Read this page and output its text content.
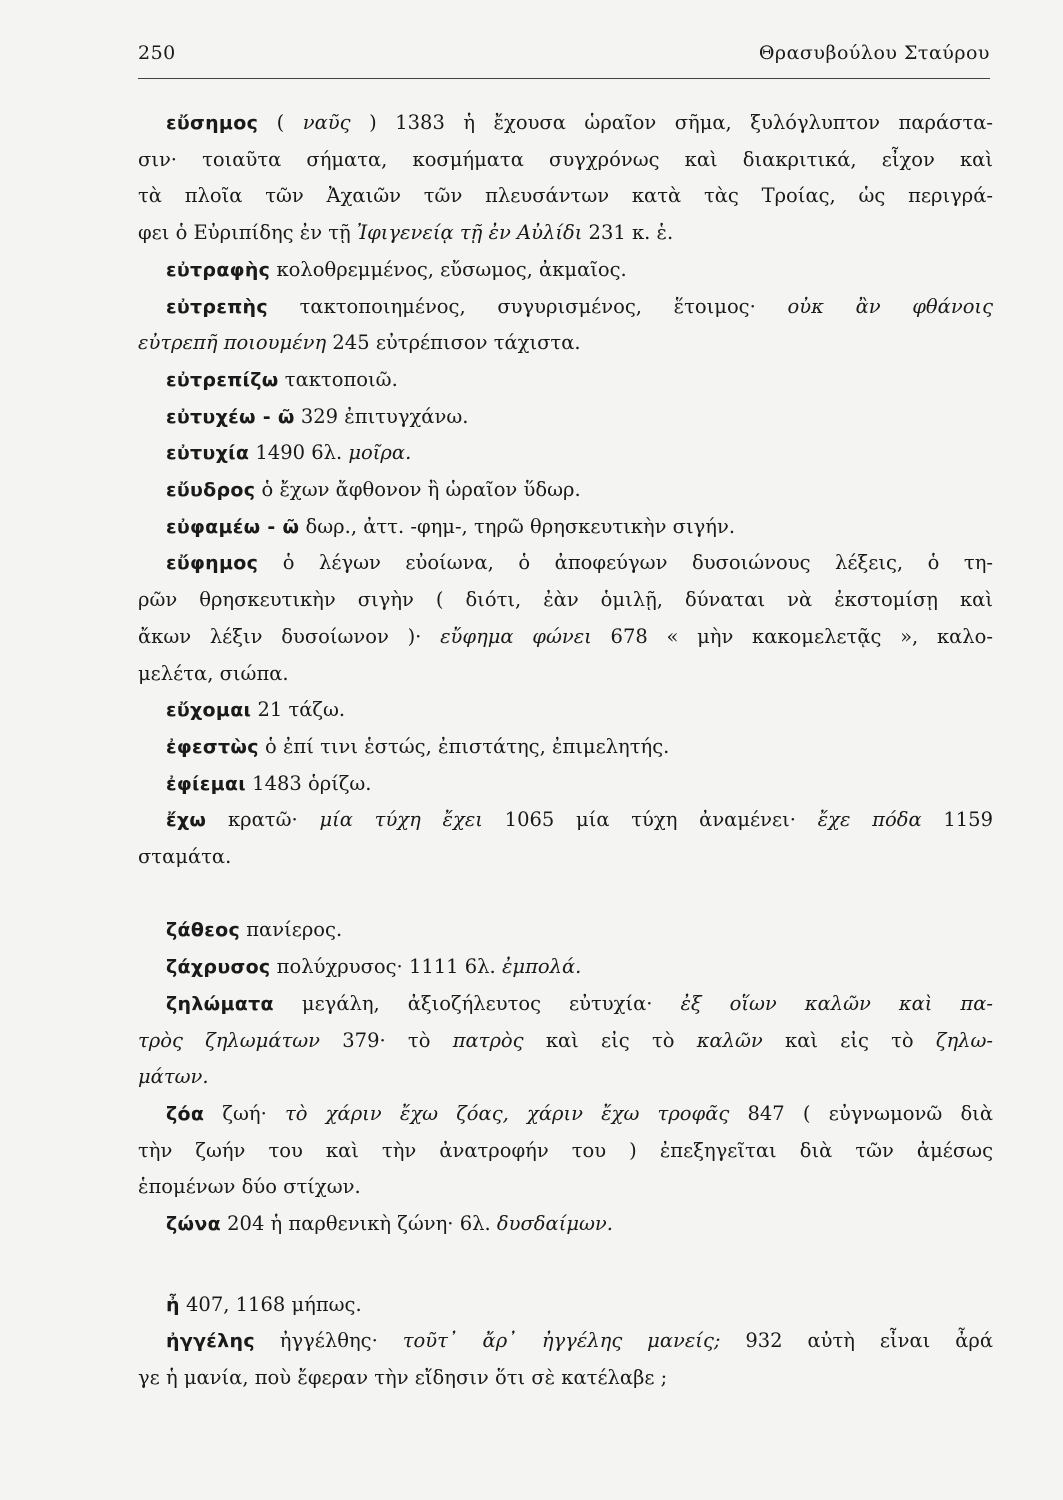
250	Θρασυβούλου Σταύρου
εὔσημος ( ναῦς ) 1383 ἡ ἔχουσα ὡραῖον σῆμα, ξυλόγλυπτον παράστα-
σιν· τοιαῦτα σήματα, κοσμήματα συγχρόνως καὶ διακριτικά, εἶχον καὶ
τὰ πλοῖα τῶν Ἀχαιῶν τῶν πλευσάντων κατὰ τὰς Τροίας, ὡς περιγρά-
φει ὁ Εὐριπίδης ἐν τῇ Ἰφιγενείᾳ τῇ ἐν Αὐλίδι 231 κ. ἑ.
εὐτραφὴς κολοθρεμμένος, εὔσωμος, ἀκμαῖος.
εὐτρεπὴς τακτοποιημένος, συγυρισμένος, ἕτοιμος· οὐκ ἂν φθάνοις
εὐτρεπῆ ποιουμένη 245 εὐτρέπισον τάχιστα.
εὐτρεπίζω τακτοποιῶ.
εὐτυχέω - ῶ 329 ἐπιτυγχάνω.
εὐτυχία 1490 6λ. μοῖρα.
εὔυδρος ὁ ἔχων ἄφθονον ἢ ὡραῖον ὕδωρ.
εὐφαμέω - ῶ δωρ., ἀττ. -φημ-, τηρῶ θρησκευτικὴν σιγήν.
εὔφημος ὁ λέγων εὐοίωνα, ὁ ἀποφεύγων δυσοιώνους λέξεις, ὁ τη-
ρῶν θρησκευτικὴν σιγὴν ( διότι, ἐὰν ὁμιλῇ, δύναται νὰ ἐκστομίσῃ καὶ
ἄκων λέξιν δυσοίωνον )· εὔφημα φώνει 678 « μὴν κακομελετᾷς », καλο-
μελέτα, σιώπα.
εὔχομαι 21 τάζω.
ἐφεστὼς ὁ ἐπί τινι ἑστώς, ἐπιστάτης, ἐπιμελητής.
ἐφίεμαι 1483 ὁρίζω.
ἔχω κρατῶ· μία τύχη ἔχει 1065 μία τύχη ἀναμένει· ἔχε πόδα 1159
σταμάτα.
ζάθεος πανίερος.
ζάχρυσος πολύχρυσος· 1111 6λ. ἐμπολά.
ζηλώματα μεγάλη, ἀξιοζήλευτος εὐτυχία· ἐξ οἵων καλῶν καὶ πα-
τρὸς ζηλωμάτων 379· τὸ πατρὸς καὶ εἰς τὸ καλῶν καὶ εἰς τὸ ζηλω-
μάτων.
ζόα ζωή· τὸ χάριν ἔχω ζόας, χάριν ἔχω τροφᾶς 847 ( εὐγνωμονῶ διὰ
τὴν ζωήν του καὶ τὴν ἀνατροφήν του ) ἐπεξηγεῖται διὰ τῶν ἀμέσως
ἑπομένων δύο στίχων.
ζώνα 204 ἡ παρθενικὴ ζώνη· 6λ. δυσδαίμων.
ἦ 407, 1168 μήπως.
ἠγγέλης ἠγγέλθης· τοῦτ᾽ ἄρ᾽ ἠγγέλης μανείς; 932 αὐτὴ εἶναι ἆρά
γε ἡ μανία, ποὺ ἔφεραν τὴν εἴδησιν ὅτι σὲ κατέλαβε ;
